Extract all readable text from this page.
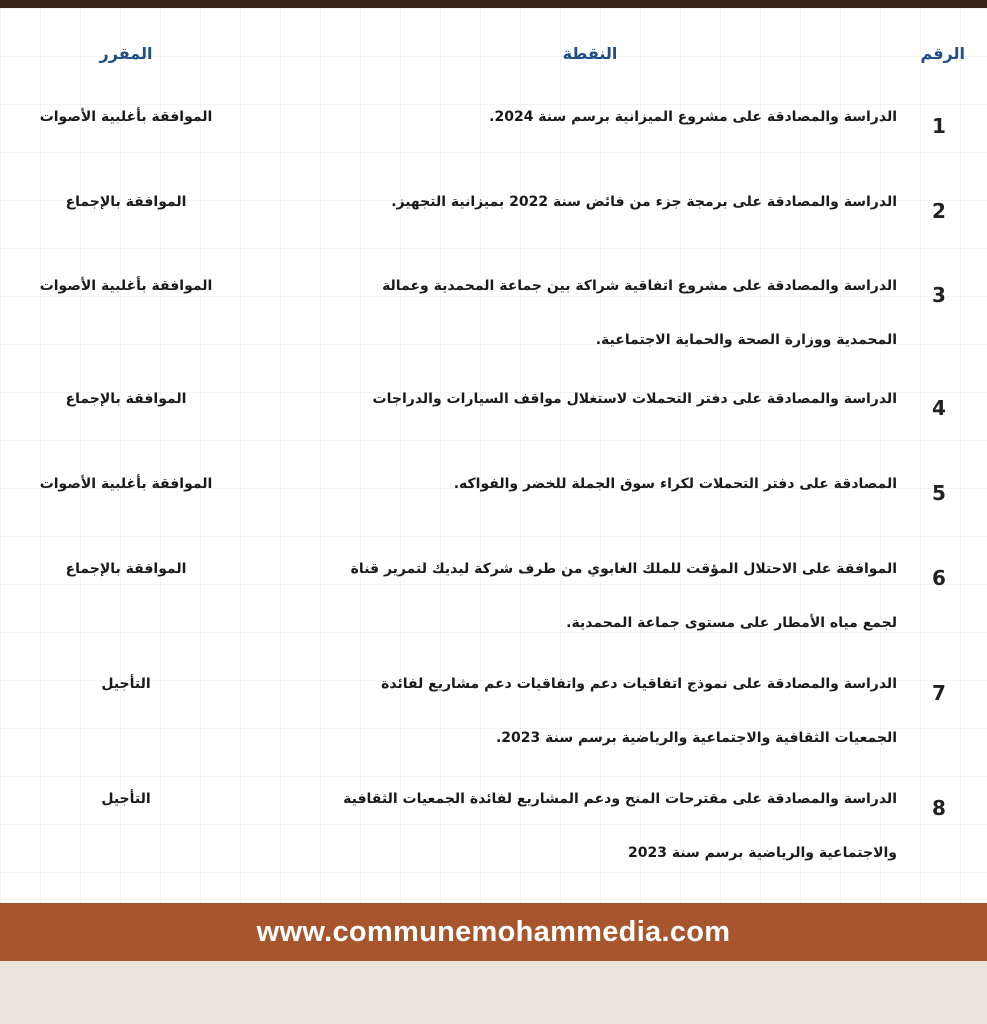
الرقم
النقطة
المقرر
1
الدراسة والمصادقة على مشروع الميزانية برسم سنة 2024.
الموافقة بأغلبية الأصوات
2
الدراسة والمصادقة على برمجة جزء من فائض سنة 2022 بميزانية التجهيز.
الموافقة بالإجماع
3
الدراسة والمصادقة على مشروع اتفاقية شراكة بين جماعة المحمدية وعمالة
المحمدية ووزارة الصحة والحماية الاجتماعية.
الموافقة بأغلبية الأصوات
4
الدراسة والمصادقة على دفتر التحملات لاستغلال مواقف السيارات والدراجات
الموافقة بالإجماع
5
المصادقة على دفتر التحملات لكراء سوق الجملة للخضر والفواكه.
الموافقة بأغلبية الأصوات
6
الموافقة على الاحتلال المؤقت للملك الغابوي من طرف شركة ليديك لتمرير قناة
لجمع مياه الأمطار على مستوى جماعة المحمدية.
الموافقة بالإجماع
7
الدراسة والمصادقة على نموذج اتفاقيات دعم واتفاقيات دعم مشاريع لفائدة
الجمعيات الثقافية والاجتماعية والرياضية برسم سنة 2023.
التأجيل
8
الدراسة والمصادقة على مقترحات المنح ودعم المشاريع لفائدة الجمعيات الثقافية
والاجتماعية والرياضية برسم سنة 2023
التأجيل
www.communemohammedia.com
